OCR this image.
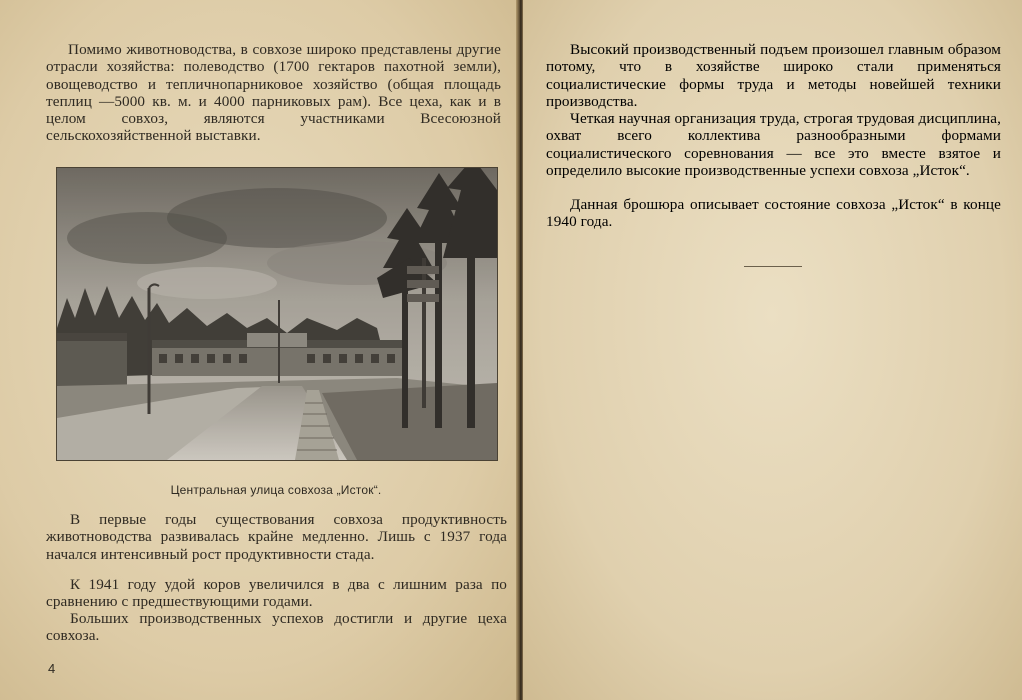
Помимо животноводства, в совхозе широко представлены другие отрасли хозяйства: полеводство (1700 гектаров пахотной земли), овощеводство и тепличнопарниковое хозяйство (общая площадь теплиц —5000 кв. м. и 4000 парниковых рам). Все цеха, как и в целом совхоз, являются участниками Всесоюзной сельскохозяйственной выставки.

Центральная улица совхоза „Исток“.

В первые годы существования совхоза продуктивность животноводства развивалась крайне медленно. Лишь с 1937 года начался интенсивный рост продуктивности стада.

К 1941 году удой коров увеличился в два с лишним раза по сравнению с предшествующими годами.

Больших производственных успехов достигли и другие цеха совхоза.

4

Высокий производственный подъем произошел главным образом потому, что в хозяйстве широко стали применяться социалистические формы труда и методы новейшей техники производства.

Четкая научная организация труда, строгая трудовая дисциплина, охват всего коллектива разнообразными формами социалистического соревнования — все это вместе взятое и определило высокие производственные успехи совхоза „Исток“.

Данная брошюра описывает состояние совхоза „Исток“ в конце 1940 года.
